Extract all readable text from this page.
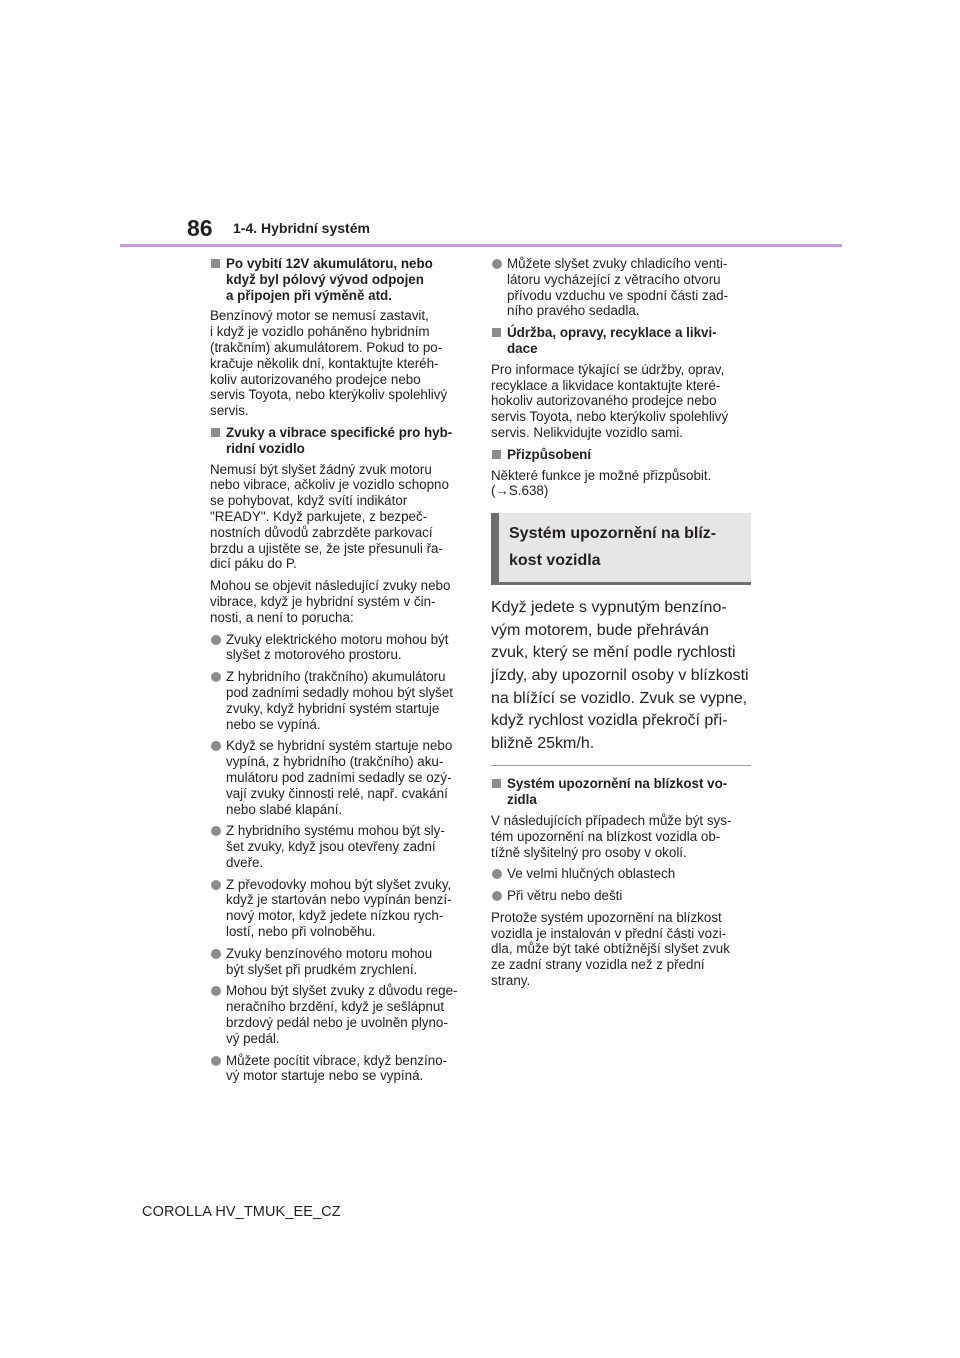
86 1-4. Hybridní systém
Po vybití 12V akumulátoru, nebo
když byl pólový vývod odpojen
a připojen při výměně atd.
Benzínový motor se nemusí zastavit,
i když je vozidlo poháněno hybridním
(trakčním) akumulátorem. Pokud to po-
kračuje několik dní, kontaktujte kteréh-
koliv autorizovaného prodejce nebo
servis Toyota, nebo kterýkoliv spolehlivý
servis.
Zvuky a vibrace specifické pro hyb-
ridní vozidlo
Nemusí být slyšet žádný zvuk motoru
nebo vibrace, ačkoliv je vozidlo schopno
se pohybovat, když svítí indikátor
"READY". Když parkujete, z bezpeč-
nostních důvodů zabrzděte parkovací
brzdu a ujistěte se, že jste přesunuli řa-
dicí páku do P.
Mohou se objevit následující zvuky nebo
vibrace, když je hybridní systém v čin-
nosti, a není to porucha:
Zvuky elektrického motoru mohou být
slyšet z motorového prostoru.
Z hybridního (trakčního) akumulátoru
pod zadními sedadly mohou být slyšet
zvuky, když hybridní systém startuje
nebo se vypíná.
Když se hybridní systém startuje nebo
vypíná, z hybridního (trakčního) aku-
mulátoru pod zadními sedadly se ozý-
vají zvuky činnosti relé, např. cvakání
nebo slabé klapání.
Z hybridního systému mohou být sly-
šet zvuky, když jsou otevřeny zadní
dveře.
Z převodovky mohou být slyšet zvuky,
když je startován nebo vypínán benzí-
nový motor, když jedete nízkou rych-
lostí, nebo při volnoběhu.
Zvuky benzínového motoru mohou
být slyšet při prudkém zrychlení.
Mohou být slyšet zvuky z důvodu rege-
neračního brzdění, když je sešlápnut
brzdový pedál nebo je uvolněn plyno-
vý pedál.
Můžete pocítit vibrace, když benzíno-
vý motor startuje nebo se vypíná.
Můžete slyšet zvuky chladicího venti-
látoru vycházející z větracího otvoru
přívodu vzduchu ve spodní části zad-
ního pravého sedadla.
Údržba, opravy, recyklace a likvi-
dace
Pro informace týkající se údržby, oprav,
recyklace a likvidace kontaktujte které-
hokoliv autorizovaného prodejce nebo
servis Toyota, nebo kterýkoliv spolehlivý
servis. Nelikvidujte vozidlo sami.
Přizpůsobení
Některé funkce je možné přizpůsobit.
(→S.638)
Systém upozornění na blíz-
kost vozidla
Když jedete s vypnutým benzíno-
vým motorem, bude přehráván
zvuk, který se mění podle rychlosti
jízdy, aby upozornil osoby v blízkosti
na blížící se vozidlo. Zvuk se vypne,
když rychlost vozidla překročí při-
bližně 25km/h.
Systém upozornění na blízkost vo-
zidla
V následujících případech může být sys-
tém upozornění na blízkost vozidla ob-
tížně slyšitelný pro osoby v okolí.
Ve velmi hlučných oblastech
Při větru nebo dešti
Protože systém upozornění na blízkost
vozidla je instalován v přední části vozi-
dla, může být také obtížnější slyšet zvuk
ze zadní strany vozidla než z přední
strany.
COROLLA HV_TMUK_EE_CZ
